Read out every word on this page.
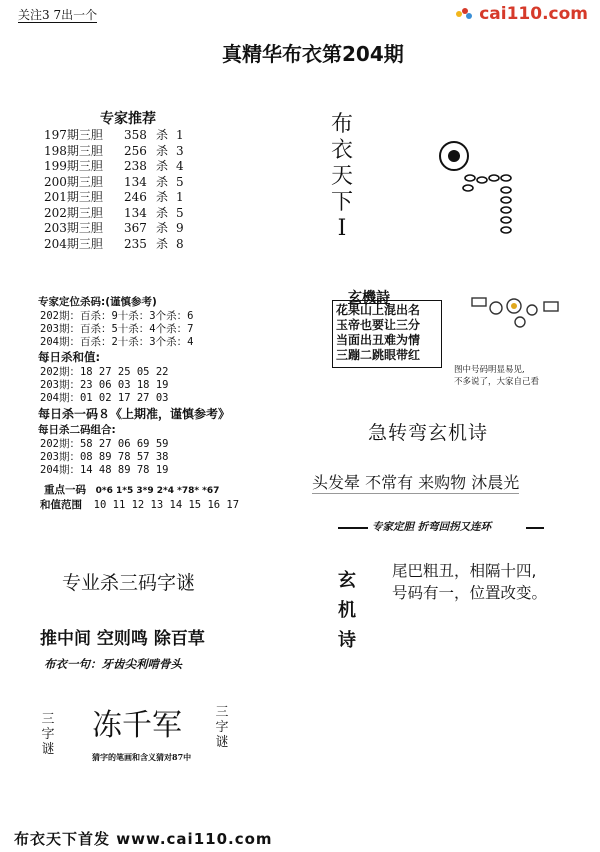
关注3 7出一个	cai110.com
真精华布衣第204期
专家推荐
197期三胆 358 杀 1
198期三胆 256 杀 3
199期三胆 238 杀 4
200期三胆 134 杀 5
201期三胆 246 杀 1
202期三胆 134 杀 5
203期三胆 367 杀 9
204期三胆 235 杀 8
专家定位杀码:(谨慎参考)
202期：百杀：9十杀：3个杀：6
203期：百杀：5十杀：4个杀：7
204期：百杀：2十杀：3个杀：4
每日杀和值:
202期：18 27 25 05 22
203期：23 06 03 18 19
204期：01 02 17 27 03
每日杀一码８《上期准，谨慎参考》
每日杀二码组合:
202期：58 27 06 69 59
203期：08 89 78 57 38
204期：14 48 89 78 19
重点一码 0*6 1*5 3*9 2*4 *78* *67
和值范围 10 11 12 13 14 15 16 17
专业杀三码字谜
推中间 空则鸣 除百草
布衣一句：牙齿尖利啃骨头
三字谜
冻千军	三字谜
猜字的笔画和含义猜对87中
布
衣
天
下
I
玄機詩
花果山上混出名
玉帝也要让三分
当面出丑难为情
三蹦二跳眼带红
图中号码明显易见,
不多说了，大家自己看
急转弯玄机诗
头发晕 不常有 来购物 沐晨光
专家定胆 折弯回拐又连环
玄
机
诗
尾巴粗丑，相隔十四,
号码有一，位置改变。
布衣天下首发 www.cai110.com
